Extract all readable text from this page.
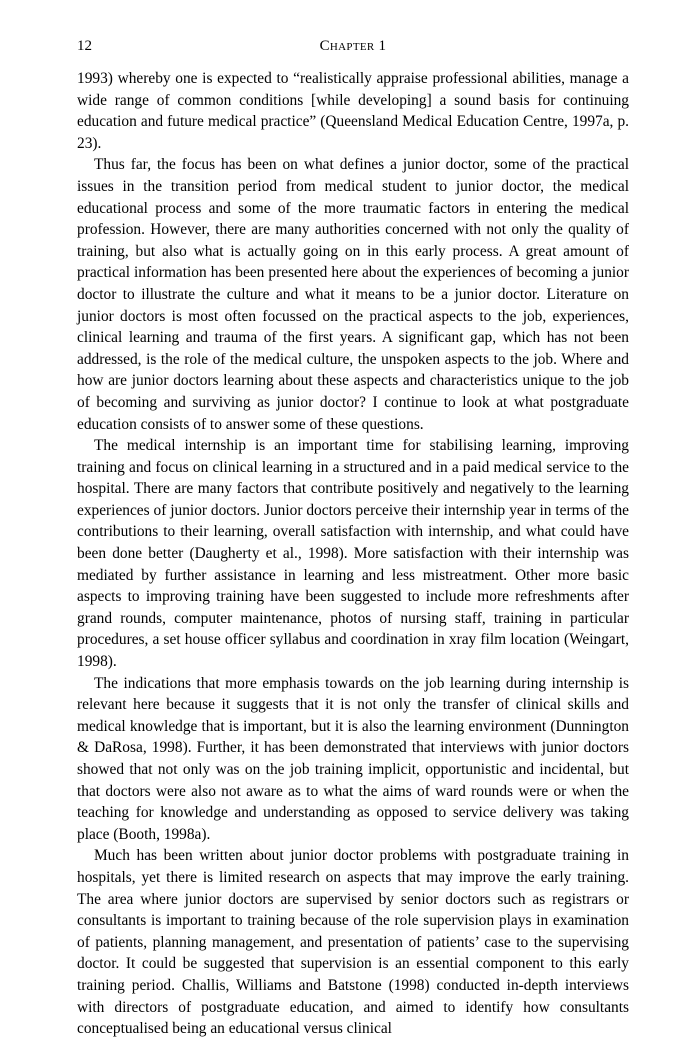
12	Chapter 1

1993) whereby one is expected to “realistically appraise professional abilities, manage a wide range of common conditions [while developing] a sound basis for continuing education and future medical practice” (Queensland Medical Education Centre, 1997a, p. 23).

Thus far, the focus has been on what defines a junior doctor, some of the practical issues in the transition period from medical student to junior doctor, the medical educational process and some of the more traumatic factors in entering the medical profession. However, there are many authorities concerned with not only the quality of training, but also what is actually going on in this early process. A great amount of practical information has been presented here about the experiences of becoming a junior doctor to illustrate the culture and what it means to be a junior doctor. Literature on junior doctors is most often focussed on the practical aspects to the job, experiences, clinical learning and trauma of the first years. A significant gap, which has not been addressed, is the role of the medical culture, the unspoken aspects to the job. Where and how are junior doctors learning about these aspects and characteristics unique to the job of becoming and surviving as junior doctor? I continue to look at what postgraduate education consists of to answer some of these questions.

The medical internship is an important time for stabilising learning, improving training and focus on clinical learning in a structured and in a paid medical service to the hospital. There are many factors that contribute positively and negatively to the learning experiences of junior doctors. Junior doctors perceive their internship year in terms of the contributions to their learning, overall satisfaction with internship, and what could have been done better (Daugherty et al., 1998). More satisfaction with their internship was mediated by further assistance in learning and less mistreatment. Other more basic aspects to improving training have been suggested to include more refreshments after grand rounds, computer maintenance, photos of nursing staff, training in particular procedures, a set house officer syllabus and coordination in xray film location (Weingart, 1998).

The indications that more emphasis towards on the job learning during internship is relevant here because it suggests that it is not only the transfer of clinical skills and medical knowledge that is important, but it is also the learning environment (Dunnington & DaRosa, 1998). Further, it has been demonstrated that interviews with junior doctors showed that not only was on the job training implicit, opportunistic and incidental, but that doctors were also not aware as to what the aims of ward rounds were or when the teaching for knowledge and understanding as opposed to service delivery was taking place (Booth, 1998a).

Much has been written about junior doctor problems with postgraduate training in hospitals, yet there is limited research on aspects that may improve the early training. The area where junior doctors are supervised by senior doctors such as registrars or consultants is important to training because of the role supervision plays in examination of patients, planning management, and presentation of patients’ case to the supervising doctor. It could be suggested that supervision is an essential component to this early training period. Challis, Williams and Batstone (1998) conducted in-depth interviews with directors of postgraduate education, and aimed to identify how consultants conceptualised being an educational versus clinical
